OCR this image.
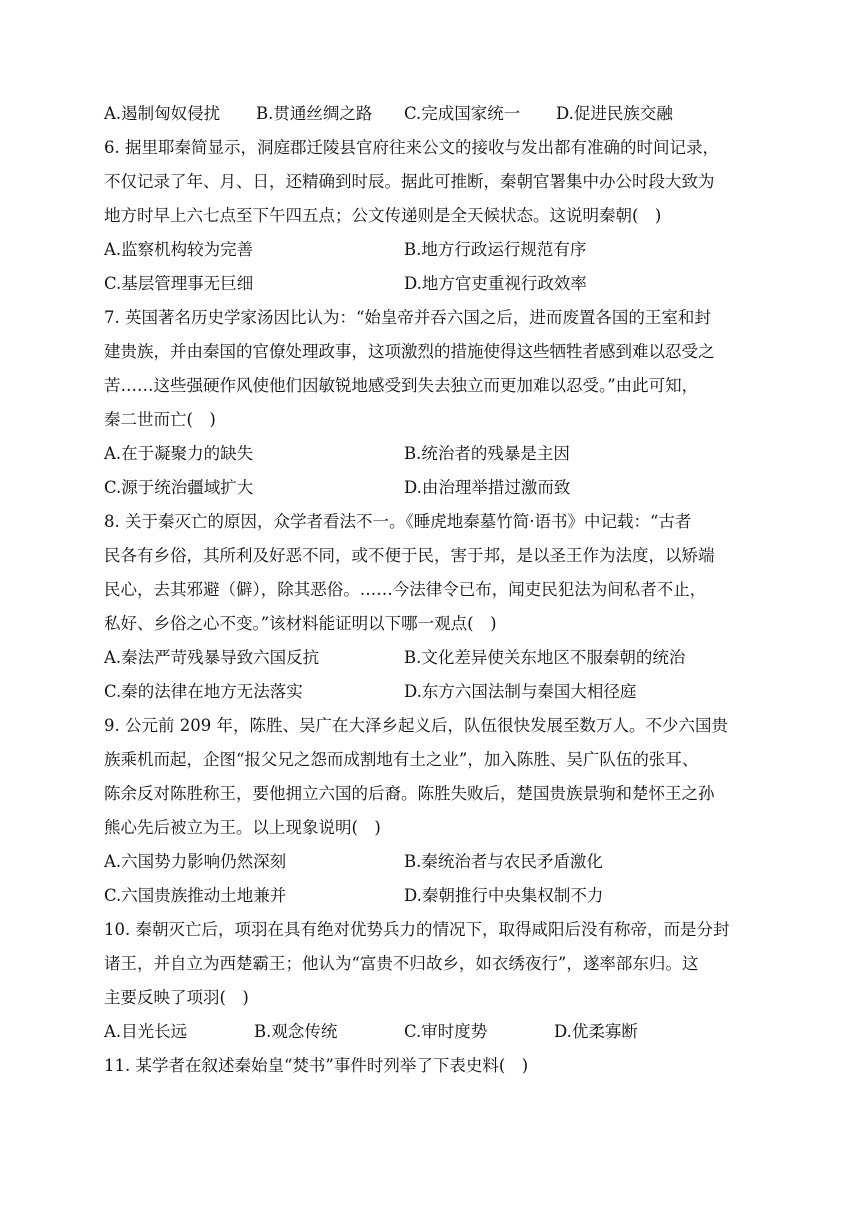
A.遏制匈奴侵扰 B.贯通丝绸之路 C.完成国家统一 D.促进民族交融
6. 据里耶秦简显示，洞庭郡迁陵县官府往来公文的接收与发出都有准确的时间记录，
不仅记录了年、月、日，还精确到时辰。据此可推断，秦朝官署集中办公时段大致为
地方时早上六七点至下午四五点；公文传递则是全天候状态。这说明秦朝(　)
A.监察机构较为完善	B.地方行政运行规范有序
C.基层管理事无巨细	D.地方官吏重视行政效率
7. 英国著名历史学家汤因比认为：“始皇帝并吞六国之后，进而废置各国的王室和封
建贵族，并由秦国的官僚处理政事，这项激烈的措施使得这些牺牲者感到难以忍受之
苦……这些强硬作风使他们因敏锐地感受到失去独立而更加难以忍受。”由此可知，
秦二世而亡(　)
A.在于凝聚力的缺失	B.统治者的残暴是主因
C.源于统治疆域扩大	D.由治理举措过激而致
8. 关于秦灭亡的原因，众学者看法不一。《睡虎地秦墓竹简·语书》中记载：“古者
民各有乡俗，其所利及好恶不同，或不便于民，害于邦，是以圣王作为法度，以矫端
民心，去其邪避（僻），除其恶俗。……今法律令已布，闻吏民犯法为间私者不止，
私好、乡俗之心不变。”该材料能证明以下哪一观点(　)
A.秦法严苛残暴导致六国反抗	B.文化差异使关东地区不服秦朝的统治
C.秦的法律在地方无法落实	D.东方六国法制与秦国大相径庭
9. 公元前 209 年，陈胜、吴广在大泽乡起义后，队伍很快发展至数万人。不少六国贵
族乘机而起，企图“报父兄之怨而成割地有土之业”，加入陈胜、吴广队伍的张耳、
陈余反对陈胜称王，要他拥立六国的后裔。陈胜失败后，楚国贵族景驹和楚怀王之孙
熊心先后被立为王。以上现象说明(　)
A.六国势力影响仍然深刻	B.秦统治者与农民矛盾激化
C.六国贵族推动土地兼并	D.秦朝推行中央集权制不力
10. 秦朝灭亡后，项羽在具有绝对优势兵力的情况下，取得咸阳后没有称帝，而是分封
诸王，并自立为西楚霸王；他认为“富贵不归故乡，如衣绣夜行”，遂率部东归。这
主要反映了项羽(　)
A.目光长远	B.观念传统	C.审时度势	D.优柔寡断
11. 某学者在叙述秦始皇“焚书”事件时列举了下表史料(　)
